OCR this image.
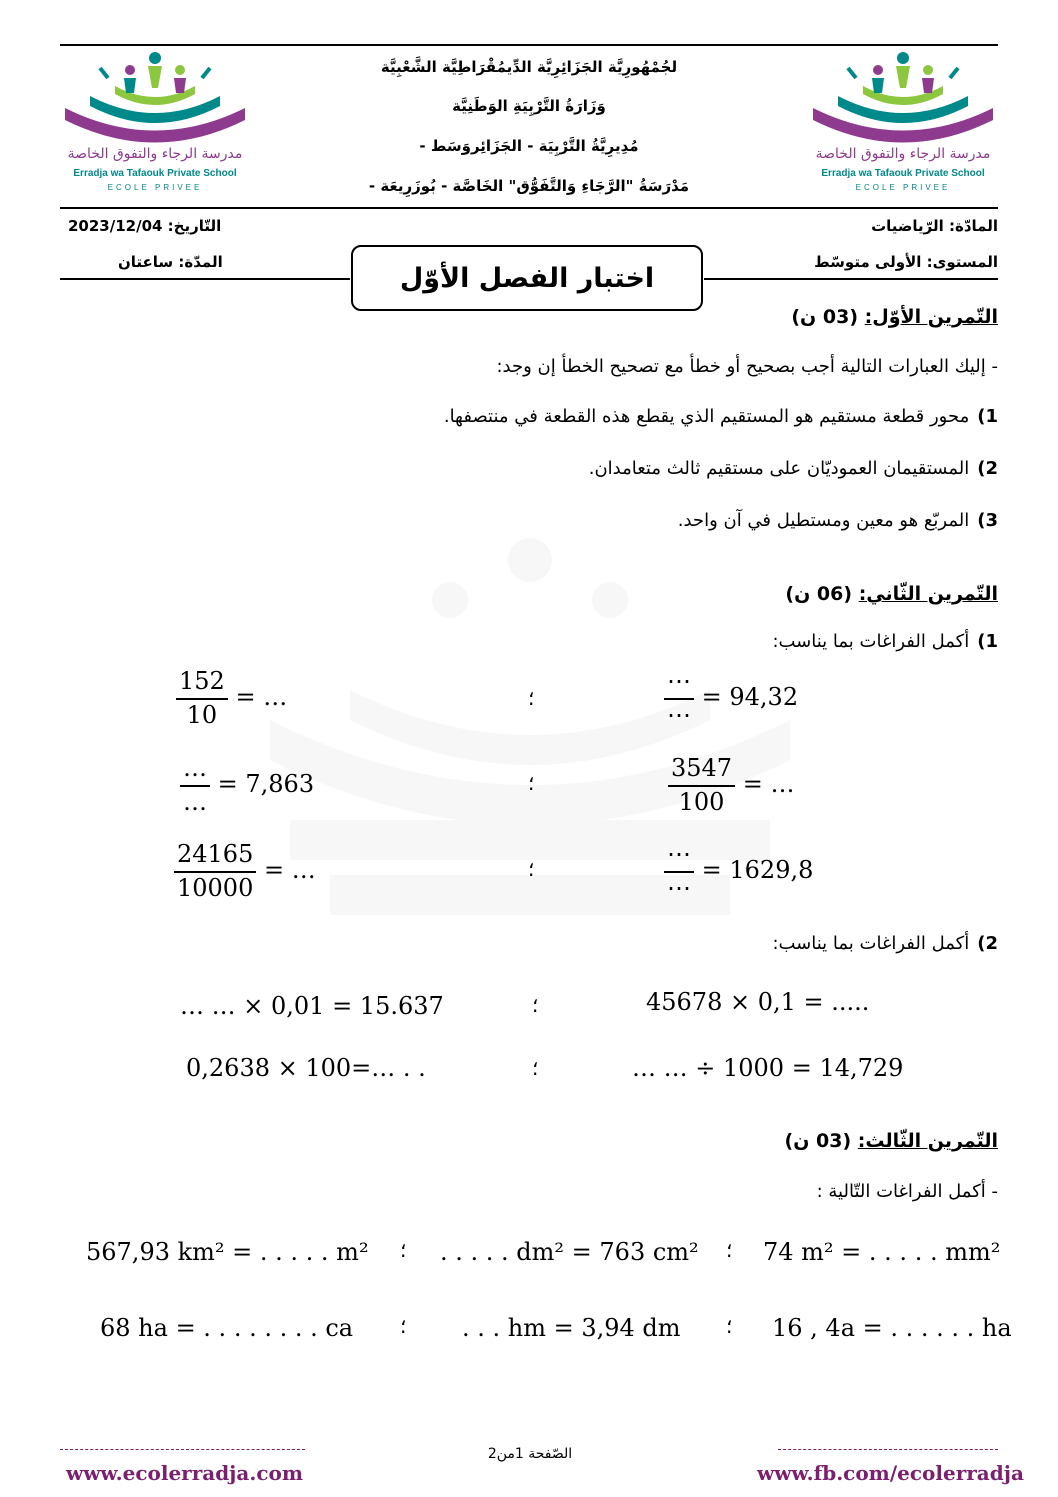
مدرسة الرجاء والتفوق الخاصة
Erradja wa Tafaouk Private School
ECOLE PRIVEE
مدرسة الرجاء والتفوق الخاصة
Erradja wa Tafaouk Private School
ECOLE PRIVEE
لجُمْهُورِيَّة الجَزَائِرِيَّة الدِّيمُقْرَاطِيَّة الشَّعْبِيَّة
وَزَارَةُ التَّرْبِيَةِ الوَطَنِيَّة
مُدِيرِيَّةُ التَّرْبِيَة - الجَزَائِروَسَط -
مَدْرَسَةُ "الرَّجَاءِ وَالتَّفَوُّق" الخَاصَّة - بُوزَرِيعَة -
المادّة: الرّياضيات
المستوى: الأولى متوسّط
التّاريخ: 2023/12/04
المدّة: ساعتان
اختبار الفصل الأوّل
التّمرين الأوّل: (03 ن)
- إليك العبارات التالية أجب بصحيح أو خطأ مع تصحيح الخطأ إن وجد:
1)محور قطعة مستقيم هو المستقيم الذي يقطع هذه القطعة في منتصفها.
2)المستقيمان العموديّان على مستقيم ثالث متعامدان.
3)المربّع هو معين ومستطيل في آن واحد.
التّمرين الثّاني: (06 ن)
1)أكمل الفراغات بما يناسب:
$\frac{152}{10}$ = …	؛	$\frac{\cdots}{\cdots} = 94,32$
$\frac{\dots}{\dots} = 7,863$	؛	$\frac{3547}{100}$ = …
$\frac{24165}{10000}$ = …	؛	$\frac{\cdots}{\cdots} = 1629,8$
2)أكمل الفراغات بما يناسب:
… … × 0,01 = 15.637	؛	45678 × 0,1 = .....
0,2638 × 100=… . .	؛	… … ÷ 1000 = 14,729
التّمرين الثّالث: (03 ن)
- أكمل الفراغات التّالية :
567,93 km² = . . . . . m² ؛ . . . . . dm² = 763 cm² ؛ 74 m² = . . . . . mm²
68 ha = . . . . . . . . ca ؛ . . . hm = 3,94 dm ؛ 16 , 4a = . . . . . . ha
الصّفحة 1من2
www.ecolerradja.com	www.fb.com/ecolerradja
